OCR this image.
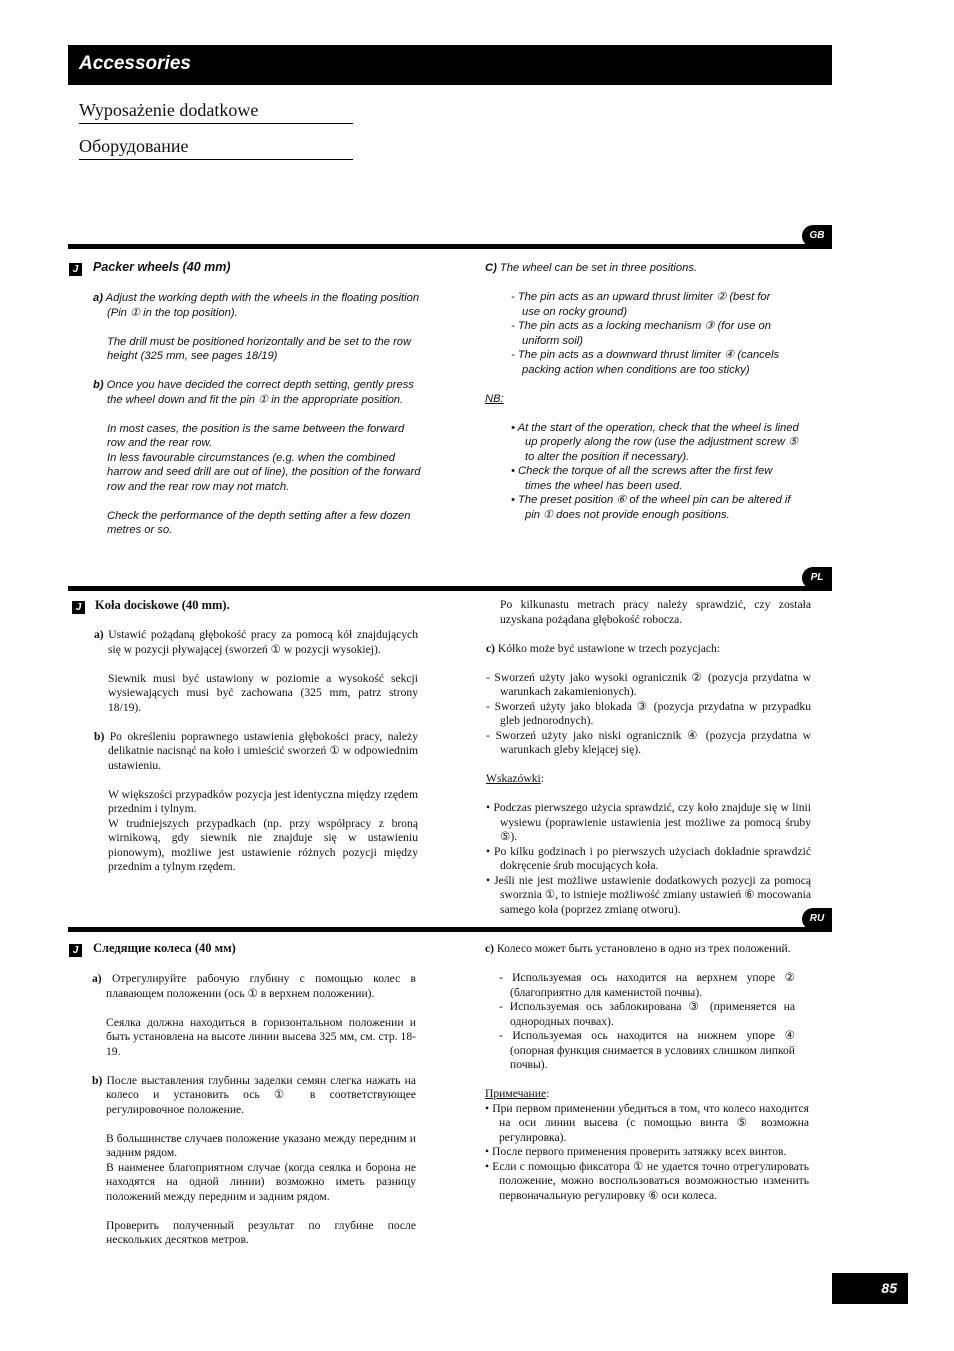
Accessories
Wyposażenie dodatkowe
Оборудование
GB
J Packer wheels (40 mm)

a) Adjust the working depth with the wheels in the floating position (Pin ① in the top position).

The drill must be positioned horizontally and be set to the row height (325 mm, see pages 18/19)

b) Once you have decided the correct depth setting, gently press the wheel down and fit the pin ① in the appropriate position.

In most cases, the position is the same between the forward row and the rear row.

In less favourable circumstances (e.g. when the combined harrow and seed drill are out of line), the position of the forward row and the rear row may not match.

Check the performance of the depth setting after a few dozen metres or so.

C) The wheel can be set in three positions.

- The pin acts as an upward thrust limiter ② (best for use on rocky ground)

- The pin acts as a locking mechanism ③ (for use on uniform soil)

- The pin acts as a downward thrust limiter ④ (cancels packing action when conditions are too sticky)

NB:

• At the start of the operation, check that the wheel is lined up properly along the row (use the adjustment screw ⑤ to alter the position if necessary).

• Check the torque of all the screws after the first few times the wheel has been used.

• The preset position ⑥ of the wheel pin can be altered if pin ① does not provide enough positions.

PL
J Koła dociskowe (40 mm).

a) Ustawić pożądaną głębokość pracy za pomocą kół znajdujących się w pozycji pływającej (sworzeń ① w pozycji wysokiej).

Siewnik musi być ustawiony w poziomie a wysokość sekcji wysiewających musi być zachowana (325 mm, patrz strony 18/19).

b) Po określeniu poprawnego ustawienia głębokości pracy, należy delikatnie nacisnąć na koło i umieścić sworzeń ① w odpowiednim ustawieniu.

W większości przypadków pozycja jest identyczna między rzędem przednim i tylnym.

W trudniejszych przypadkach (np. przy współpracy z broną wirnikową, gdy siewnik nie znajduje się w ustawieniu pionowym), możliwe jest ustawienie różnych pozycji między przednim a tylnym rzędem.

Po kilkunastu metrach pracy należy sprawdzić, czy została uzyskana pożądana głębokość robocza.

c) Kółko może być ustawione w trzech pozycjach:

- Sworzeń użyty jako wysoki ogranicznik ② (pozycja przydatna w warunkach zakamienionych).

- Sworzeń użyty jako blokada ③ (pozycja przydatna w przypadku gleb jednorodnych).

- Sworzeń użyty jako niski ogranicznik ④ (pozycja przydatna w warunkach gleby klejącej się).

Wskazówki:

• Podczas pierwszego użycia sprawdzić, czy koło znajduje się w linii wysiewu (poprawienie ustawienia jest możliwe za pomocą śruby ⑤).

• Po kilku godzinach i po pierwszych użyciach dokładnie sprawdzić dokręcenie śrub mocujących koła.

• Jeśli nie jest możliwe ustawienie dodatkowych pozycji za pomocą sworznia ①, to istnieje możliwość zmiany ustawień ⑥ mocowania samego koła (poprzez zmianę otworu).

RU
J Следящие колеса (40 мм)

a) Отрегулируйте рабочую глубину с помощью колес в плавающем положении (ось ① в верхнем положении).

Сеялка должна находиться в горизонтальном положении и быть установлена на высоте линии высева 325 мм, см. стр. 18-19.

b) После выставления глубины заделки семян слегка нажать на колесо и установить ось ① в соответствующее регулировочное положение.

В большинстве случаев положение указано между передним и задним рядом.

В наименее благоприятном случае (когда сеялка и борона не находятся на одной линии) возможно иметь разницу положений между передним и задним рядом.

Проверить полученный результат по глубине после нескольких десятков метров.

c) Колесо может быть установлено в одно из трех положений.

- Используемая ось находится на верхнем упоре ② (благоприятно для каменистой почвы).

- Используемая ось заблокирована ③ (применяется на однородных почвах).

- Используемая ось находится на нижнем упоре ④ (опорная функция снимается в условиях слишком липкой почвы).

Примечание:

• При первом применении убедиться в том, что колесо находится на оси линии высева (с помощью винта ⑤ возможна регулировка).

• После первого применения проверить затяжку всех винтов.

• Если с помощью фиксатора ① не удается точно отрегулировать положение, можно воспользоваться возможностью изменить первоначальную регулировку ⑥ оси колеса.

85
